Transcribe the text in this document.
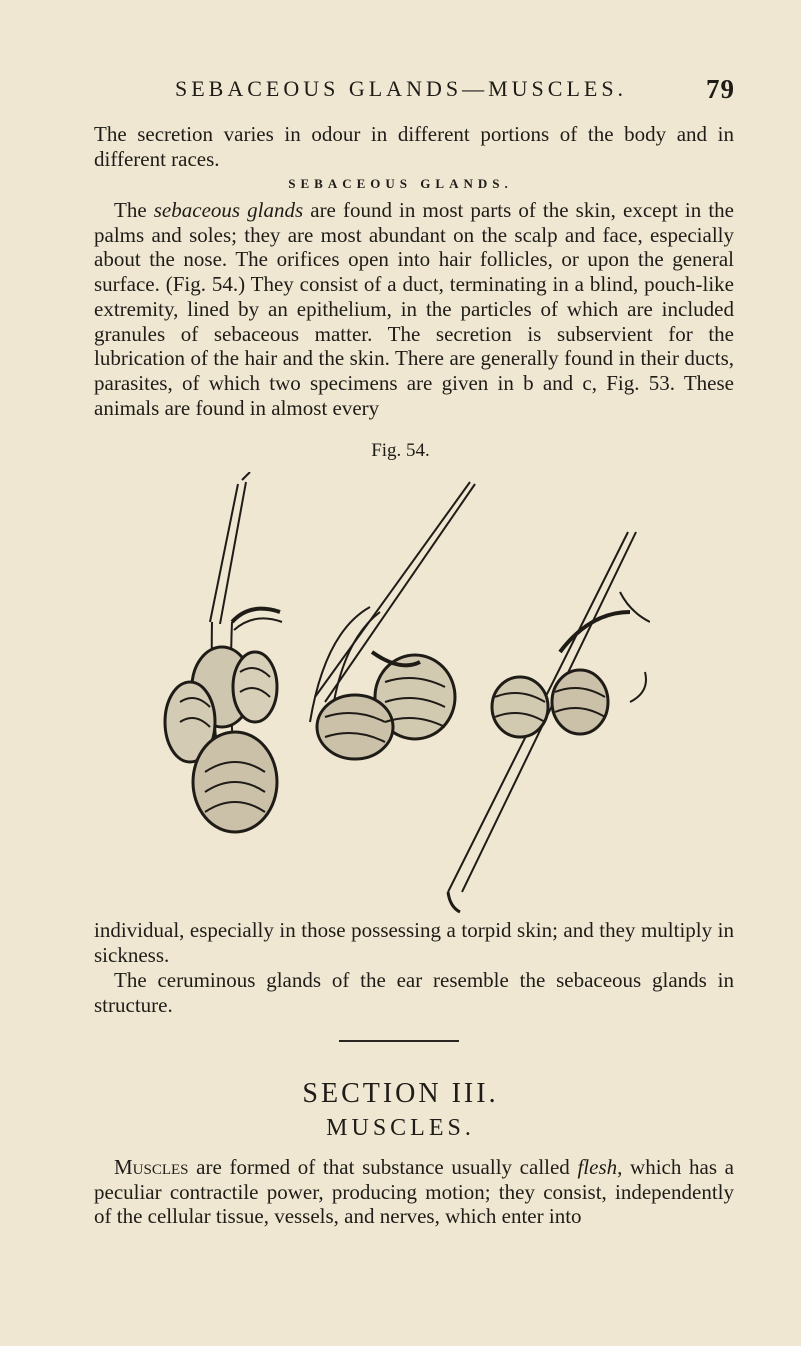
SEBACEOUS GLANDS—MUSCLES.	79

The secretion varies in odour in different portions of the body and in different races.

SEBACEOUS GLANDS.

The sebaceous glands are found in most parts of the skin, except in the palms and soles; they are most abundant on the scalp and face, especially about the nose. The orifices open into hair follicles, or upon the general surface. (Fig. 54.) They consist of a duct, terminating in a blind, pouch-like extremity, lined by an epithelium, in the particles of which are included granules of sebaceous matter. The secretion is subservient for the lubrication of the hair and the skin. There are generally found in their ducts, parasites, of which two specimens are given in b and c, Fig. 53. These animals are found in almost every

Fig. 54.

individual, especially in those possessing a torpid skin; and they multiply in sickness.

The ceruminous glands of the ear resemble the sebaceous glands in structure.

SECTION III.
MUSCLES.

Muscles are formed of that substance usually called flesh, which has a peculiar contractile power, producing motion; they consist, independently of the cellular tissue, vessels, and nerves, which enter into
